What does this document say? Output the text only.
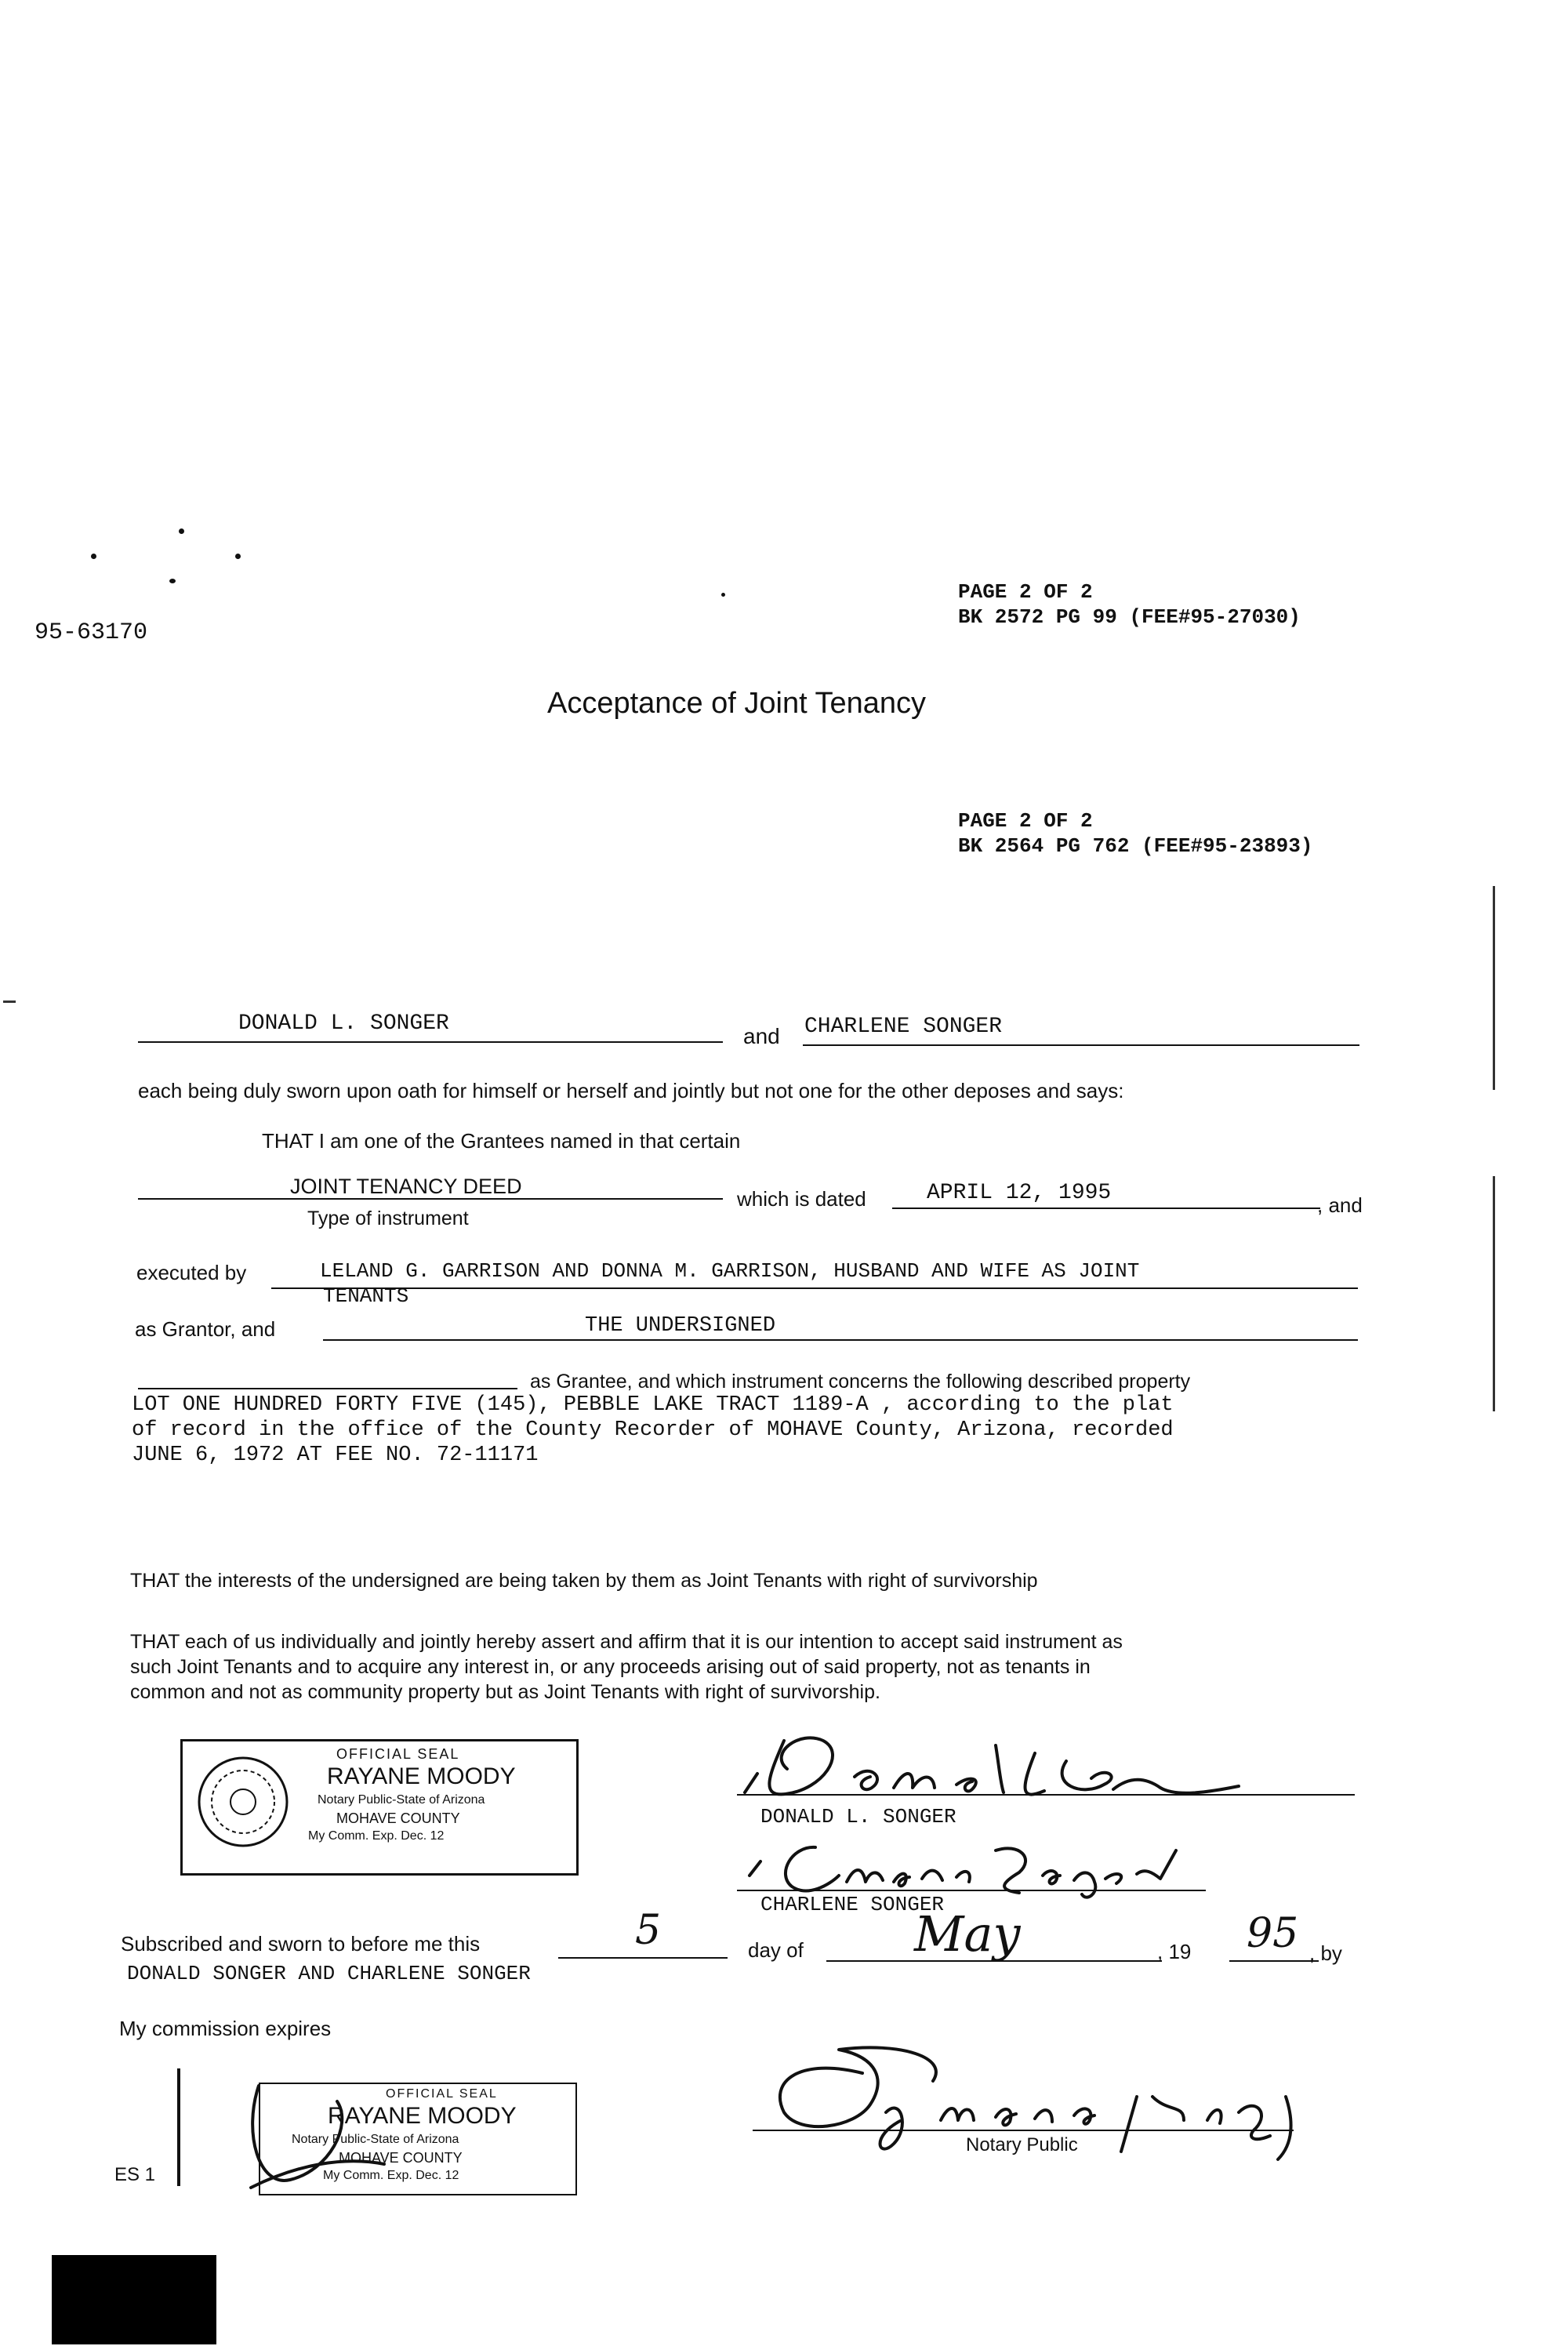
95-63170
PAGE 2 OF 2
BK 2572 PG 99 (FEE#95-27030)
Acceptance of Joint Tenancy
PAGE 2 OF 2
BK 2564 PG 762 (FEE#95-23893)
DONALD L. SONGER
and CHARLENE SONGER
each being duly sworn upon oath for himself or herself and jointly but not one for the other deposes and says:
THAT I am one of the Grantees named in that certain
JOINT TENANCY DEED
Type of instrument
which is dated	APRIL 12, 1995	, and
executed by	LELAND G. GARRISON AND DONNA M. GARRISON, HUSBAND AND WIFE AS JOINT
TENANTS
as Grantor, and	THE UNDERSIGNED
as Grantee, and which instrument concerns the following described property
LOT ONE HUNDRED FORTY FIVE (145), PEBBLE LAKE TRACT 1189-A , according to the plat
of record in the office of the County Recorder of MOHAVE County, Arizona, recorded
JUNE 6, 1972 AT FEE NO. 72-11171
THAT the interests of the undersigned are being taken by them as Joint Tenants with right of survivorship
THAT each of us individually and jointly hereby assert and affirm that it is our intention to accept said instrument as
such Joint Tenants and to acquire any interest in, or any proceeds arising out of said property, not as tenants in
common and not as community property but as Joint Tenants with right of survivorship.
OFFICIAL SEAL
RAYANE MOODY
Notary Public-State of Arizona
MOHAVE COUNTY
My Comm. Exp. Dec. 12
DONALD L. SONGER
CHARLENE SONGER
Subscribed and sworn to before me this	5	day of May	, 19 95 , by
DONALD SONGER AND CHARLENE SONGER
My commission expires
OFFICIAL SEAL
RAYANE MOODY
Notary Public-State of Arizona
MOHAVE COUNTY
My Comm. Exp. Dec. 12
ES 1
Notary Public
